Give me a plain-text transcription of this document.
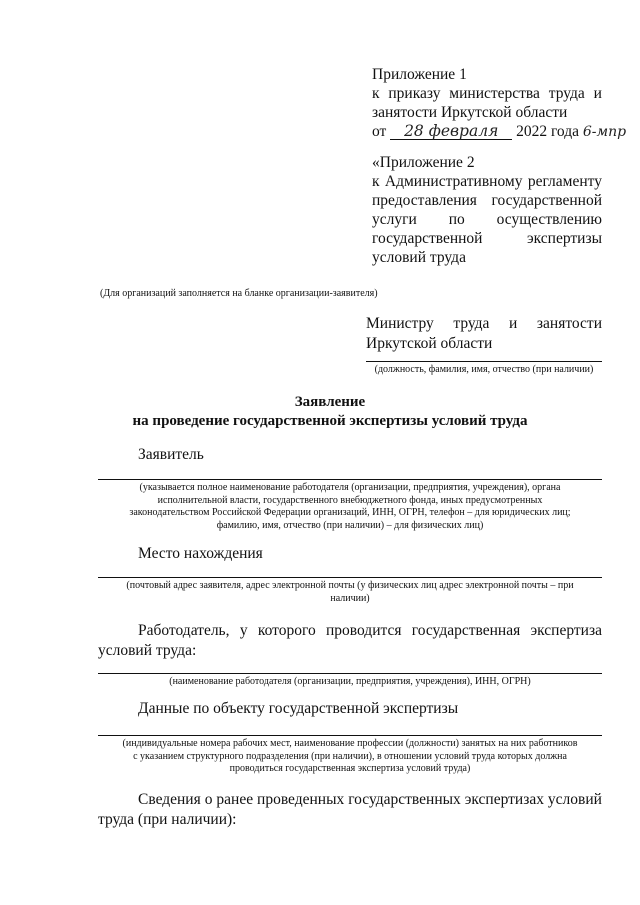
Приложение 1
к приказу министерства труда и
занятости Иркутской области
от 28 февраля 2022 года 6-мпр
«Приложение 2
к Административному регламенту
предоставления государственной
услуги по осуществлению
государственной	экспертизы
условий труда
(Для организаций заполняется на бланке организации-заявителя)
Министру труда и занятости
Иркутской области
(должность, фамилия, имя, отчество (при наличии)
Заявление
на проведение государственной экспертизы условий труда
Заявитель
(указывается полное наименование работодателя (организации, предприятия, учреждения), органа
исполнительной власти, государственного внебюджетного фонда, иных предусмотренных
законодательством Российской Федерации организаций, ИНН, ОГРН, телефон – для юридических лиц;
фамилию, имя, отчество (при наличии) – для физических лиц)
Место нахождения
(почтовый адрес заявителя, адрес электронной почты (у физических лиц адрес электронной почты – при
наличии)
Работодатель, у которого проводится государственная экспертиза
условий труда:
(наименование работодателя (организации, предприятия, учреждения), ИНН, ОГРН)
Данные по объекту государственной экспертизы
(индивидуальные номера рабочих мест, наименование профессии (должности) занятых на них работников
с указанием структурного подразделения (при наличии), в отношении условий труда которых должна
проводиться государственная экспертиза условий труда)
Сведения о ранее проведенных государственных экспертизах условий
труда (при наличии):
